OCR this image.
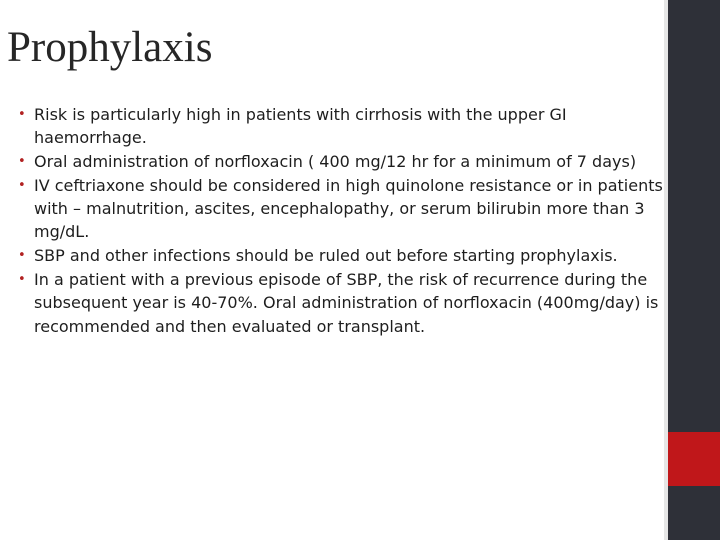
Prophylaxis
• Risk is particularly high in patients with cirrhosis with the upper GI haemorrhage.
• Oral administration of norfloxacin ( 400 mg/12 hr for a minimum of 7 days)
• IV ceftriaxone should be considered in high quinolone resistance or in patients with – malnutrition, ascites, encephalopathy, or serum bilirubin more than 3 mg/dL.
• SBP and other infections should be ruled out before starting prophylaxis.
• In a patient with a previous episode of SBP, the risk of recurrence during the subsequent year is 40-70%. Oral administration of norfloxacin (400mg/day) is recommended and then evaluated or transplant.
